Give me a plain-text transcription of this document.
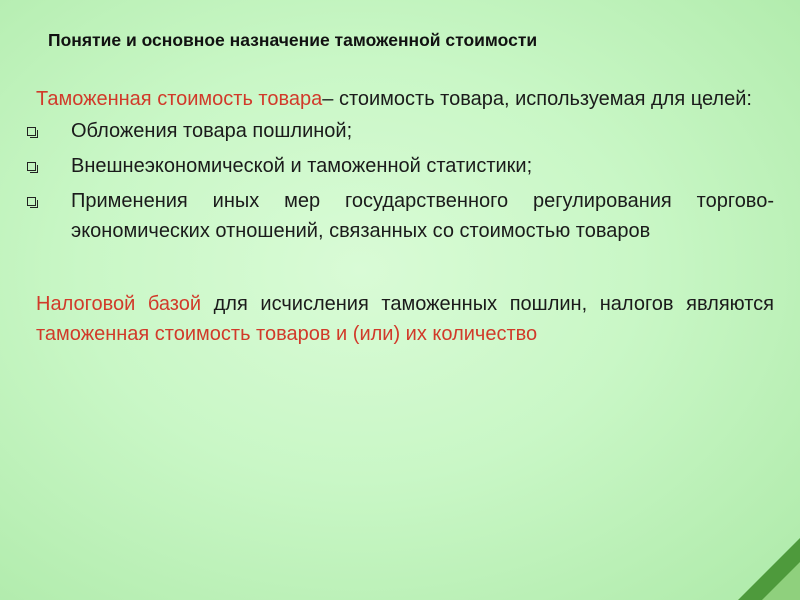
Понятие и основное назначение таможенной стоимости

Таможенная стоимость товара– стоимость товара, используемая для целей:

Обложения товара пошлиной;
Внешнеэкономической и таможенной статистики;
Применения иных мер государственного регулирования торгово-экономических отношений, связанных со стоимостью товаров

Налоговой базой для исчисления таможенных пошлин, налогов являются таможенная стоимость товаров и (или) их количество
